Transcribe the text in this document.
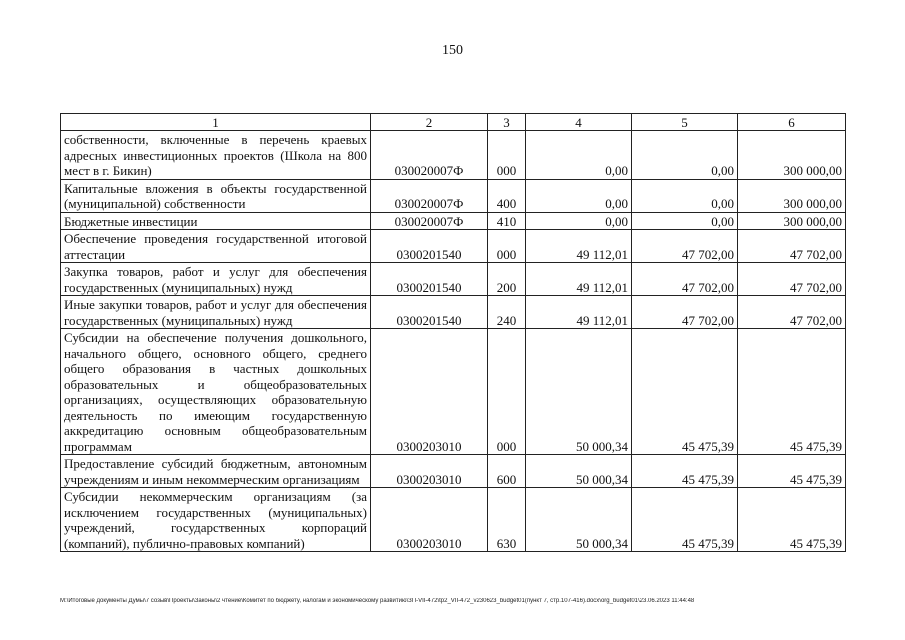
150
1	2	3	4	5	6
собственности, включенные в перечень краевых адресных инвестиционных проектов (Школа на 800 мест в г. Бикин)	030020007Ф	000	0,00	0,00	300 000,00
Капитальные вложения в объекты государственной (муниципальной) собственности	030020007Ф	400	0,00	0,00	300 000,00
Бюджетные инвестиции	030020007Ф	410	0,00	0,00	300 000,00
Обеспечение проведения государственной итоговой аттестации	0300201540	000	49 112,01	47 702,00	47 702,00
Закупка товаров, работ и услуг для обеспечения государственных (муниципальных) нужд	0300201540	200	49 112,01	47 702,00	47 702,00
Иные закупки товаров, работ и услуг для обеспечения государственных (муниципальных) нужд	0300201540	240	49 112,01	47 702,00	47 702,00
Субсидии на обеспечение получения дошкольного, начального общего, основного общего, среднего общего образования в частных дошкольных образовательных и общеобразовательных организациях, осуществляющих образовательную деятельность по имеющим государственную аккредитацию основным общеобразовательным программам	0300203010	000	50 000,34	45 475,39	45 475,39
Предоставление субсидий бюджетным, автономным учреждениям и иным некоммерческим организациям	0300203010	600	50 000,34	45 475,39	45 475,39
Субсидии некоммерческим организациям (за исключением государственных (муниципальных) учреждений, государственных корпораций (компаний), публично-правовых компаний)	0300203010	630	50 000,34	45 475,39	45 475,39
M:\Итоговые документы Думы\7 созыв\Проекты\Законы\2 чтение\Комитет по бюджету, налогам и экономическому развитию\ЗП-VII-472\tp2_VII-472_v230623_budget01(пункт 7, стр.107-416).docx\org_budget01\23.06.2023 11:44:48
